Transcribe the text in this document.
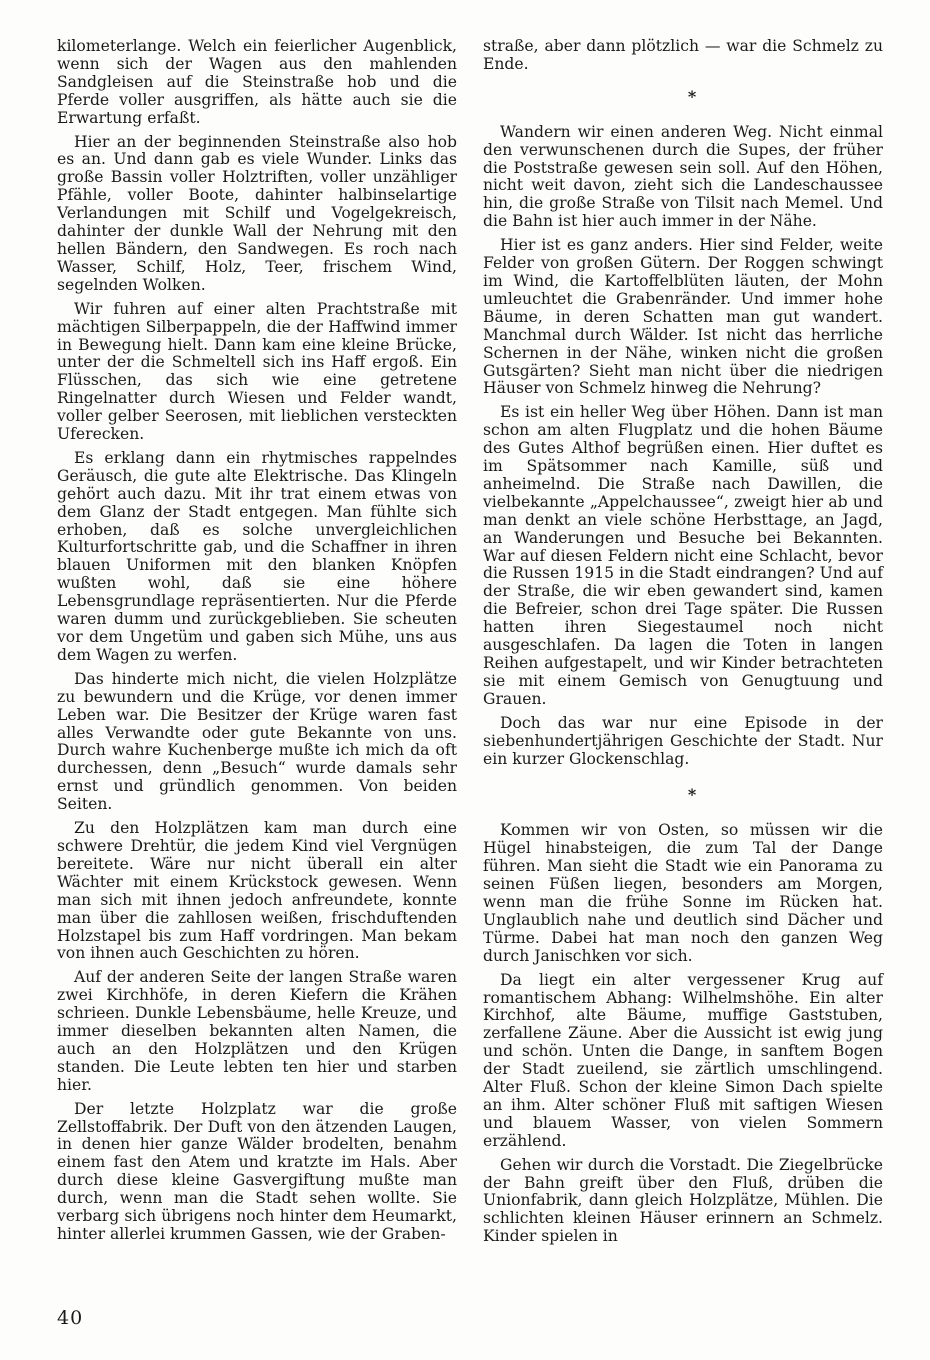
kilometerlange. Welch ein feierlicher Augenblick, wenn sich der Wagen aus den mahlenden Sandgleisen auf die Steinstraße hob und die Pferde voller ausgriffen, als hätte auch sie die Erwartung erfaßt.

Hier an der beginnenden Steinstraße also hob es an. Und dann gab es viele Wunder. Links das große Bassin voller Holztriften, voller unzähliger Pfähle, voller Boote, dahinter halbinselartige Verlandungen mit Schilf und Vogelgekreisch, dahinter der dunkle Wall der Nehrung mit den hellen Bändern, den Sandwegen. Es roch nach Wasser, Schilf, Holz, Teer, frischem Wind, segelnden Wolken.

Wir fuhren auf einer alten Prachtstraße mit mächtigen Silberpappeln, die der Haffwind immer in Bewegung hielt. Dann kam eine kleine Brücke, unter der die Schmeltell sich ins Haff ergoß. Ein Flüsschen, das sich wie eine getretene Ringelnatter durch Wiesen und Felder wandt, voller gelber Seerosen, mit lieblichen versteckten Uferecken.

Es erklang dann ein rhytmisches rappelndes Geräusch, die gute alte Elektrische. Das Klingeln gehört auch dazu. Mit ihr trat einem etwas von dem Glanz der Stadt entgegen. Man fühlte sich erhoben, daß es solche unvergleichlichen Kulturfortschritte gab, und die Schaffner in ihren blauen Uniformen mit den blanken Knöpfen wußten wohl, daß sie eine höhere Lebensgrundlage repräsentierten. Nur die Pferde waren dumm und zurückgeblieben. Sie scheuten vor dem Ungetüm und gaben sich Mühe, uns aus dem Wagen zu werfen.

Das hinderte mich nicht, die vielen Holzplätze zu bewundern und die Krüge, vor denen immer Leben war. Die Besitzer der Krüge waren fast alles Verwandte oder gute Bekannte von uns. Durch wahre Kuchenberge mußte ich mich da oft durchessen, denn „Besuch“ wurde damals sehr ernst und gründlich genommen. Von beiden Seiten.

Zu den Holzplätzen kam man durch eine schwere Drehtür, die jedem Kind viel Vergnügen bereitete. Wäre nur nicht überall ein alter Wächter mit einem Krückstock gewesen. Wenn man sich mit ihnen jedoch anfreundete, konnte man über die zahllosen weißen, frischduftenden Holzstapel bis zum Haff vordringen. Man bekam von ihnen auch Geschichten zu hören.

Auf der anderen Seite der langen Straße waren zwei Kirchhöfe, in deren Kiefern die Krähen schrieen. Dunkle Lebensbäume, helle Kreuze, und immer dieselben bekannten alten Namen, die auch an den Holzplätzen und den Krügen standen. Die Leute lebten ten hier und starben hier.

Der letzte Holzplatz war die große Zellstoffabrik. Der Duft von den ätzenden Laugen, in denen hier ganze Wälder brodelten, benahm einem fast den Atem und kratzte im Hals. Aber durch diese kleine Gasvergiftung mußte man durch, wenn man die Stadt sehen wollte. Sie verbarg sich übrigens noch hinter dem Heumarkt, hinter allerlei krummen Gassen, wie der Graben-

straße, aber dann plötzlich — war die Schmelz zu Ende.

*

Wandern wir einen anderen Weg. Nicht einmal den verwunschenen durch die Supes, der früher die Poststraße gewesen sein soll. Auf den Höhen, nicht weit davon, zieht sich die Landeschaussee hin, die große Straße von Tilsit nach Memel. Und die Bahn ist hier auch immer in der Nähe.

Hier ist es ganz anders. Hier sind Felder, weite Felder von großen Gütern. Der Roggen schwingt im Wind, die Kartoffelblüten läuten, der Mohn umleuchtet die Grabenränder. Und immer hohe Bäume, in deren Schatten man gut wandert. Manchmal durch Wälder. Ist nicht das herrliche Schernen in der Nähe, winken nicht die großen Gutsgärten? Sieht man nicht über die niedrigen Häuser von Schmelz hinweg die Nehrung?

Es ist ein heller Weg über Höhen. Dann ist man schon am alten Flugplatz und die hohen Bäume des Gutes Althof begrüßen einen. Hier duftet es im Spätsommer nach Kamille, süß und anheimelnd. Die Straße nach Dawillen, die vielbekannte „Appelchaussee“, zweigt hier ab und man denkt an viele schöne Herbsttage, an Jagd, an Wanderungen und Besuche bei Bekannten. War auf diesen Feldern nicht eine Schlacht, bevor die Russen 1915 in die Stadt eindrangen? Und auf der Straße, die wir eben gewandert sind, kamen die Befreier, schon drei Tage später. Die Russen hatten ihren Siegestaumel noch nicht ausgeschlafen. Da lagen die Toten in langen Reihen aufgestapelt, und wir Kinder betrachteten sie mit einem Gemisch von Genugtuung und Grauen.

Doch das war nur eine Episode in der siebenhundertjährigen Geschichte der Stadt. Nur ein kurzer Glockenschlag.

*

Kommen wir von Osten, so müssen wir die Hügel hinabsteigen, die zum Tal der Dange führen. Man sieht die Stadt wie ein Panorama zu seinen Füßen liegen, besonders am Morgen, wenn man die frühe Sonne im Rücken hat. Unglaublich nahe und deutlich sind Dächer und Türme. Dabei hat man noch den ganzen Weg durch Janischken vor sich.

Da liegt ein alter vergessener Krug auf romantischem Abhang: Wilhelmshöhe. Ein alter Kirchhof, alte Bäume, muffige Gaststuben, zerfallene Zäune. Aber die Aussicht ist ewig jung und schön. Unten die Dange, in sanftem Bogen der Stadt zueilend, sie zärtlich umschlingend. Alter Fluß. Schon der kleine Simon Dach spielte an ihm. Alter schöner Fluß mit saftigen Wiesen und blauem Wasser, von vielen Sommern erzählend.

Gehen wir durch die Vorstadt. Die Ziegelbrücke der Bahn greift über den Fluß, drüben die Unionfabrik, dann gleich Holzplätze, Mühlen. Die schlichten kleinen Häuser erinnern an Schmelz. Kinder spielen in

40
